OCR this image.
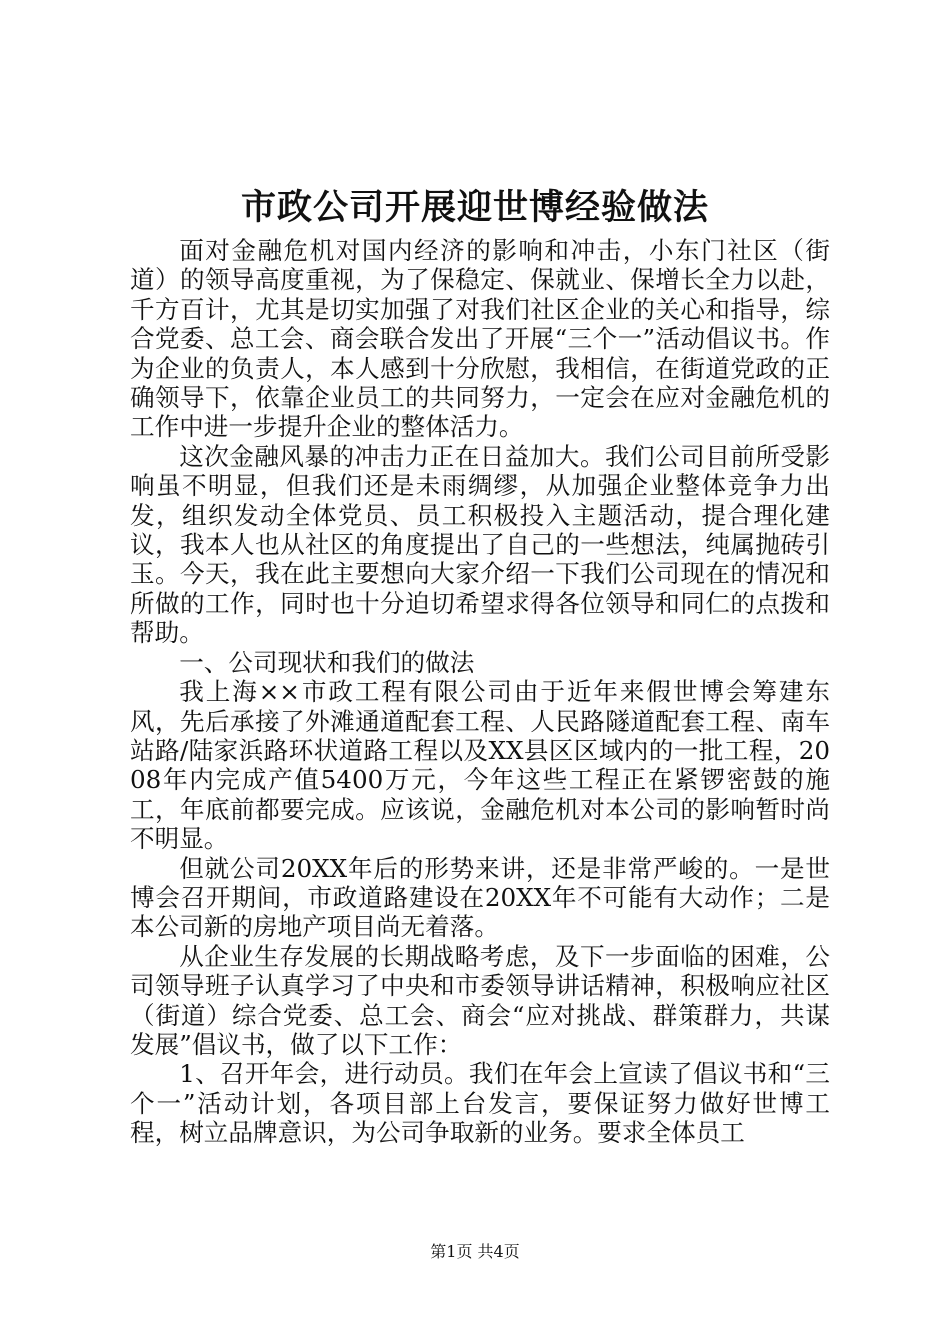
市政公司开展迎世博经验做法

面对金融危机对国内经济的影响和冲击，小东门社区（街道）的领导高度重视，为了保稳定、保就业、保增长全力以赴，千方百计，尤其是切实加强了对我们社区企业的关心和指导，综合党委、总工会、商会联合发出了开展“三个一”活动倡议书。作为企业的负责人，本人感到十分欣慰，我相信，在街道党政的正确领导下，依靠企业员工的共同努力，一定会在应对金融危机的工作中进一步提升企业的整体活力。

这次金融风暴的冲击力正在日益加大。我们公司目前所受影响虽不明显，但我们还是未雨绸缪，从加强企业整体竞争力出发，组织发动全体党员、员工积极投入主题活动，提合理化建议，我本人也从社区的角度提出了自己的一些想法，纯属抛砖引玉。今天，我在此主要想向大家介绍一下我们公司现在的情况和所做的工作，同时也十分迫切希望求得各位领导和同仁的点拨和帮助。

一、公司现状和我们的做法

我上海××市政工程有限公司由于近年来假世博会筹建东风，先后承接了外滩通道配套工程、人民路隧道配套工程、南车站路/陆家浜路环状道路工程以及XX县区区域内的一批工程，2008年内完成产值5400万元，今年这些工程正在紧锣密鼓的施工，年底前都要完成。应该说，金融危机对本公司的影响暂时尚不明显。

但就公司20XX年后的形势来讲，还是非常严峻的。一是世博会召开期间，市政道路建设在20XX年不可能有大动作；二是本公司新的房地产项目尚无着落。

从企业生存发展的长期战略考虑，及下一步面临的困难，公司领导班子认真学习了中央和市委领导讲话精神，积极响应社区（街道）综合党委、总工会、商会“应对挑战、群策群力，共谋发展”倡议书，做了以下工作：

1、召开年会，进行动员。我们在年会上宣读了倡议书和“三个一”活动计划，各项目部上台发言，要保证努力做好世博工程，树立品牌意识，为公司争取新的业务。要求全体员工

第1页 共4页
